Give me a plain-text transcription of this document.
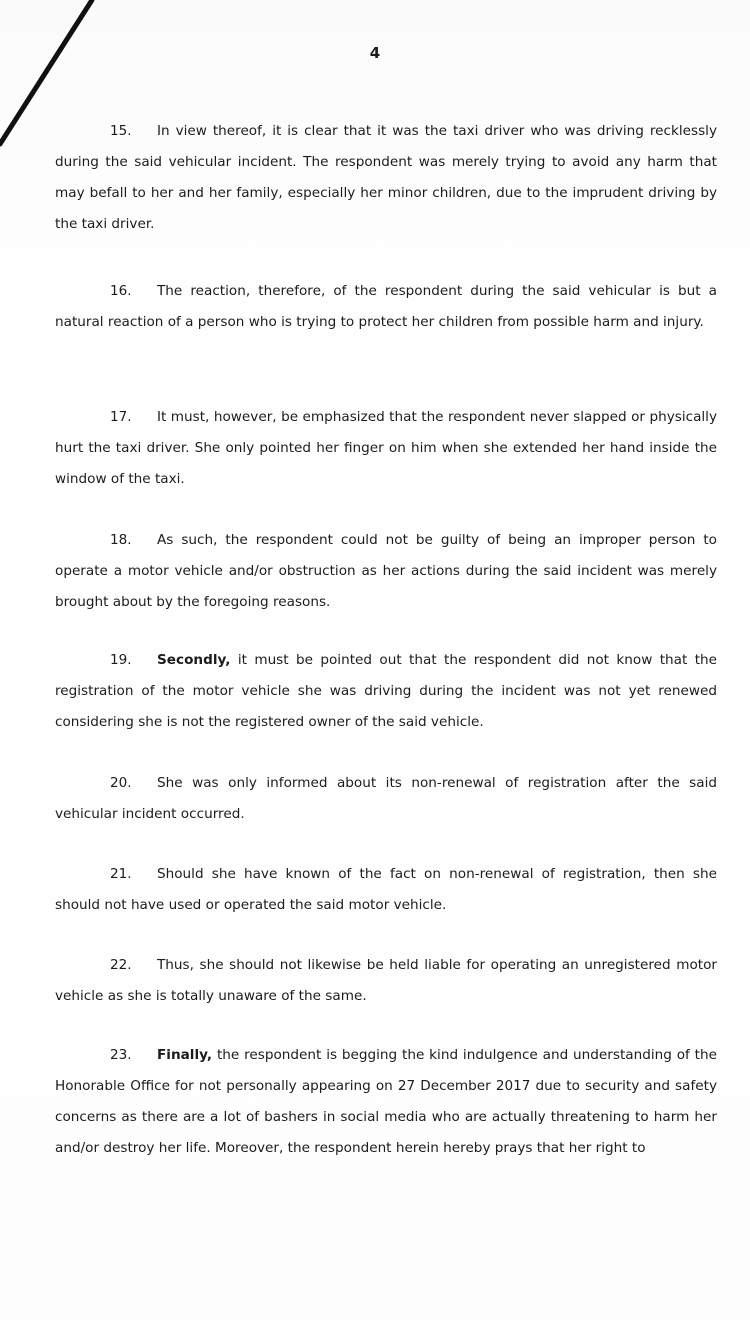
4

15. In view thereof, it is clear that it was the taxi driver who was driving recklessly during the said vehicular incident. The respondent was merely trying to avoid any harm that may befall to her and her family, especially her minor children, due to the imprudent driving by the taxi driver.

16. The reaction, therefore, of the respondent during the said vehicular is but a natural reaction of a person who is trying to protect her children from possible harm and injury.

17. It must, however, be emphasized that the respondent never slapped or physically hurt the taxi driver. She only pointed her finger on him when she extended her hand inside the window of the taxi.

18. As such, the respondent could not be guilty of being an improper person to operate a motor vehicle and/or obstruction as her actions during the said incident was merely brought about by the foregoing reasons.

19. Secondly, it must be pointed out that the respondent did not know that the registration of the motor vehicle she was driving during the incident was not yet renewed considering she is not the registered owner of the said vehicle.

20. She was only informed about its non-renewal of registration after the said vehicular incident occurred.

21. Should she have known of the fact on non-renewal of registration, then she should not have used or operated the said motor vehicle.

22. Thus, she should not likewise be held liable for operating an unregistered motor vehicle as she is totally unaware of the same.

23. Finally, the respondent is begging the kind indulgence and understanding of the Honorable Office for not personally appearing on 27 December 2017 due to security and safety concerns as there are a lot of bashers in social media who are actually threatening to harm her and/or destroy her life. Moreover, the respondent herein hereby prays that her right to
